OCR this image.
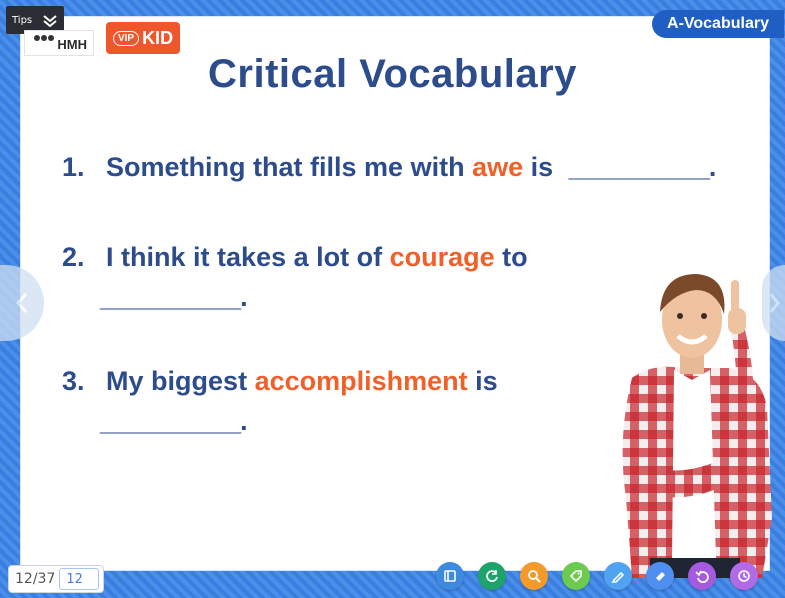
Tips
HMH	VIP KID
A-Vocabulary
Critical Vocabulary
1. Something that fills me with awe is __________.
2. I think it takes a lot of courage to
__________.
3. My biggest accomplishment is
__________.
12/37 12
